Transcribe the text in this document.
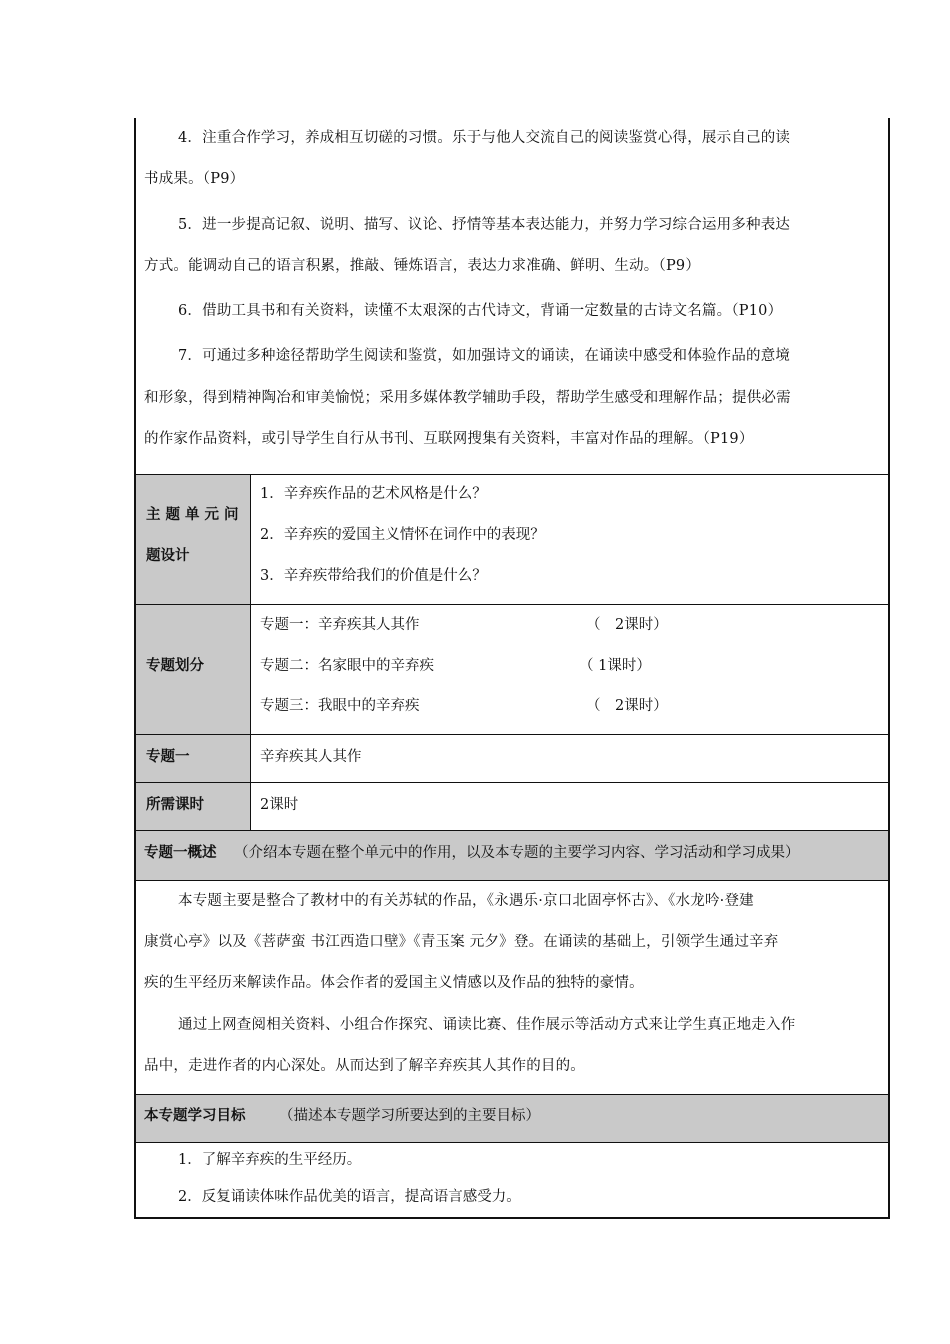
4．注重合作学习，养成相互切磋的习惯。乐于与他人交流自己的阅读鉴赏心得，展示自己的读
书成果。（P9）
5．进一步提高记叙、说明、描写、议论、抒情等基本表达能力，并努力学习综合运用多种表达
方式。能调动自己的语言积累，推敲、锤炼语言，表达力求准确、鲜明、生动。（P9）
6．借助工具书和有关资料，读懂不太艰深的古代诗文，背诵一定数量的古诗文名篇。（P10）
7．可通过多种途径帮助学生阅读和鉴赏，如加强诗文的诵读，在诵读中感受和体验作品的意境
和形象，得到精神陶冶和审美愉悦；采用多媒体教学辅助手段，帮助学生感受和理解作品；提供必需
的作家作品资料，或引导学生自行从书刊、互联网搜集有关资料，丰富对作品的理解。（P19）
主题单元问
题设计
1．辛弃疾作品的艺术风格是什么？
2．辛弃疾的爱国主义情怀在词作中的表现？
3．辛弃疾带给我们的价值是什么？
专题划分
专题一：辛弃疾其人其作	（　2课时）
专题二：名家眼中的辛弃疾	（ 1课时）
专题三：我眼中的辛弃疾	（　2课时）
专题一	辛弃疾其人其作
所需课时	2课时
专题一概述 （介绍本专题在整个单元中的作用，以及本专题的主要学习内容、学习活动和学习成果）
本专题主要是整合了教材中的有关苏轼的作品，《永遇乐·京口北固亭怀古》、《水龙吟·登建
康赏心亭》以及《菩萨蛮 书江西造口壁》《青玉案 元夕》登。在诵读的基础上，引领学生通过辛弃
疾的生平经历来解读作品。体会作者的爱国主义情感以及作品的独特的豪情。
通过上网查阅相关资料、小组合作探究、诵读比赛、佳作展示等活动方式来让学生真正地走入作
品中，走进作者的内心深处。从而达到了解辛弃疾其人其作的目的。
本专题学习目标 （描述本专题学习所要达到的主要目标）
1．了解辛弃疾的生平经历。
2．反复诵读体味作品优美的语言，提高语言感受力。
